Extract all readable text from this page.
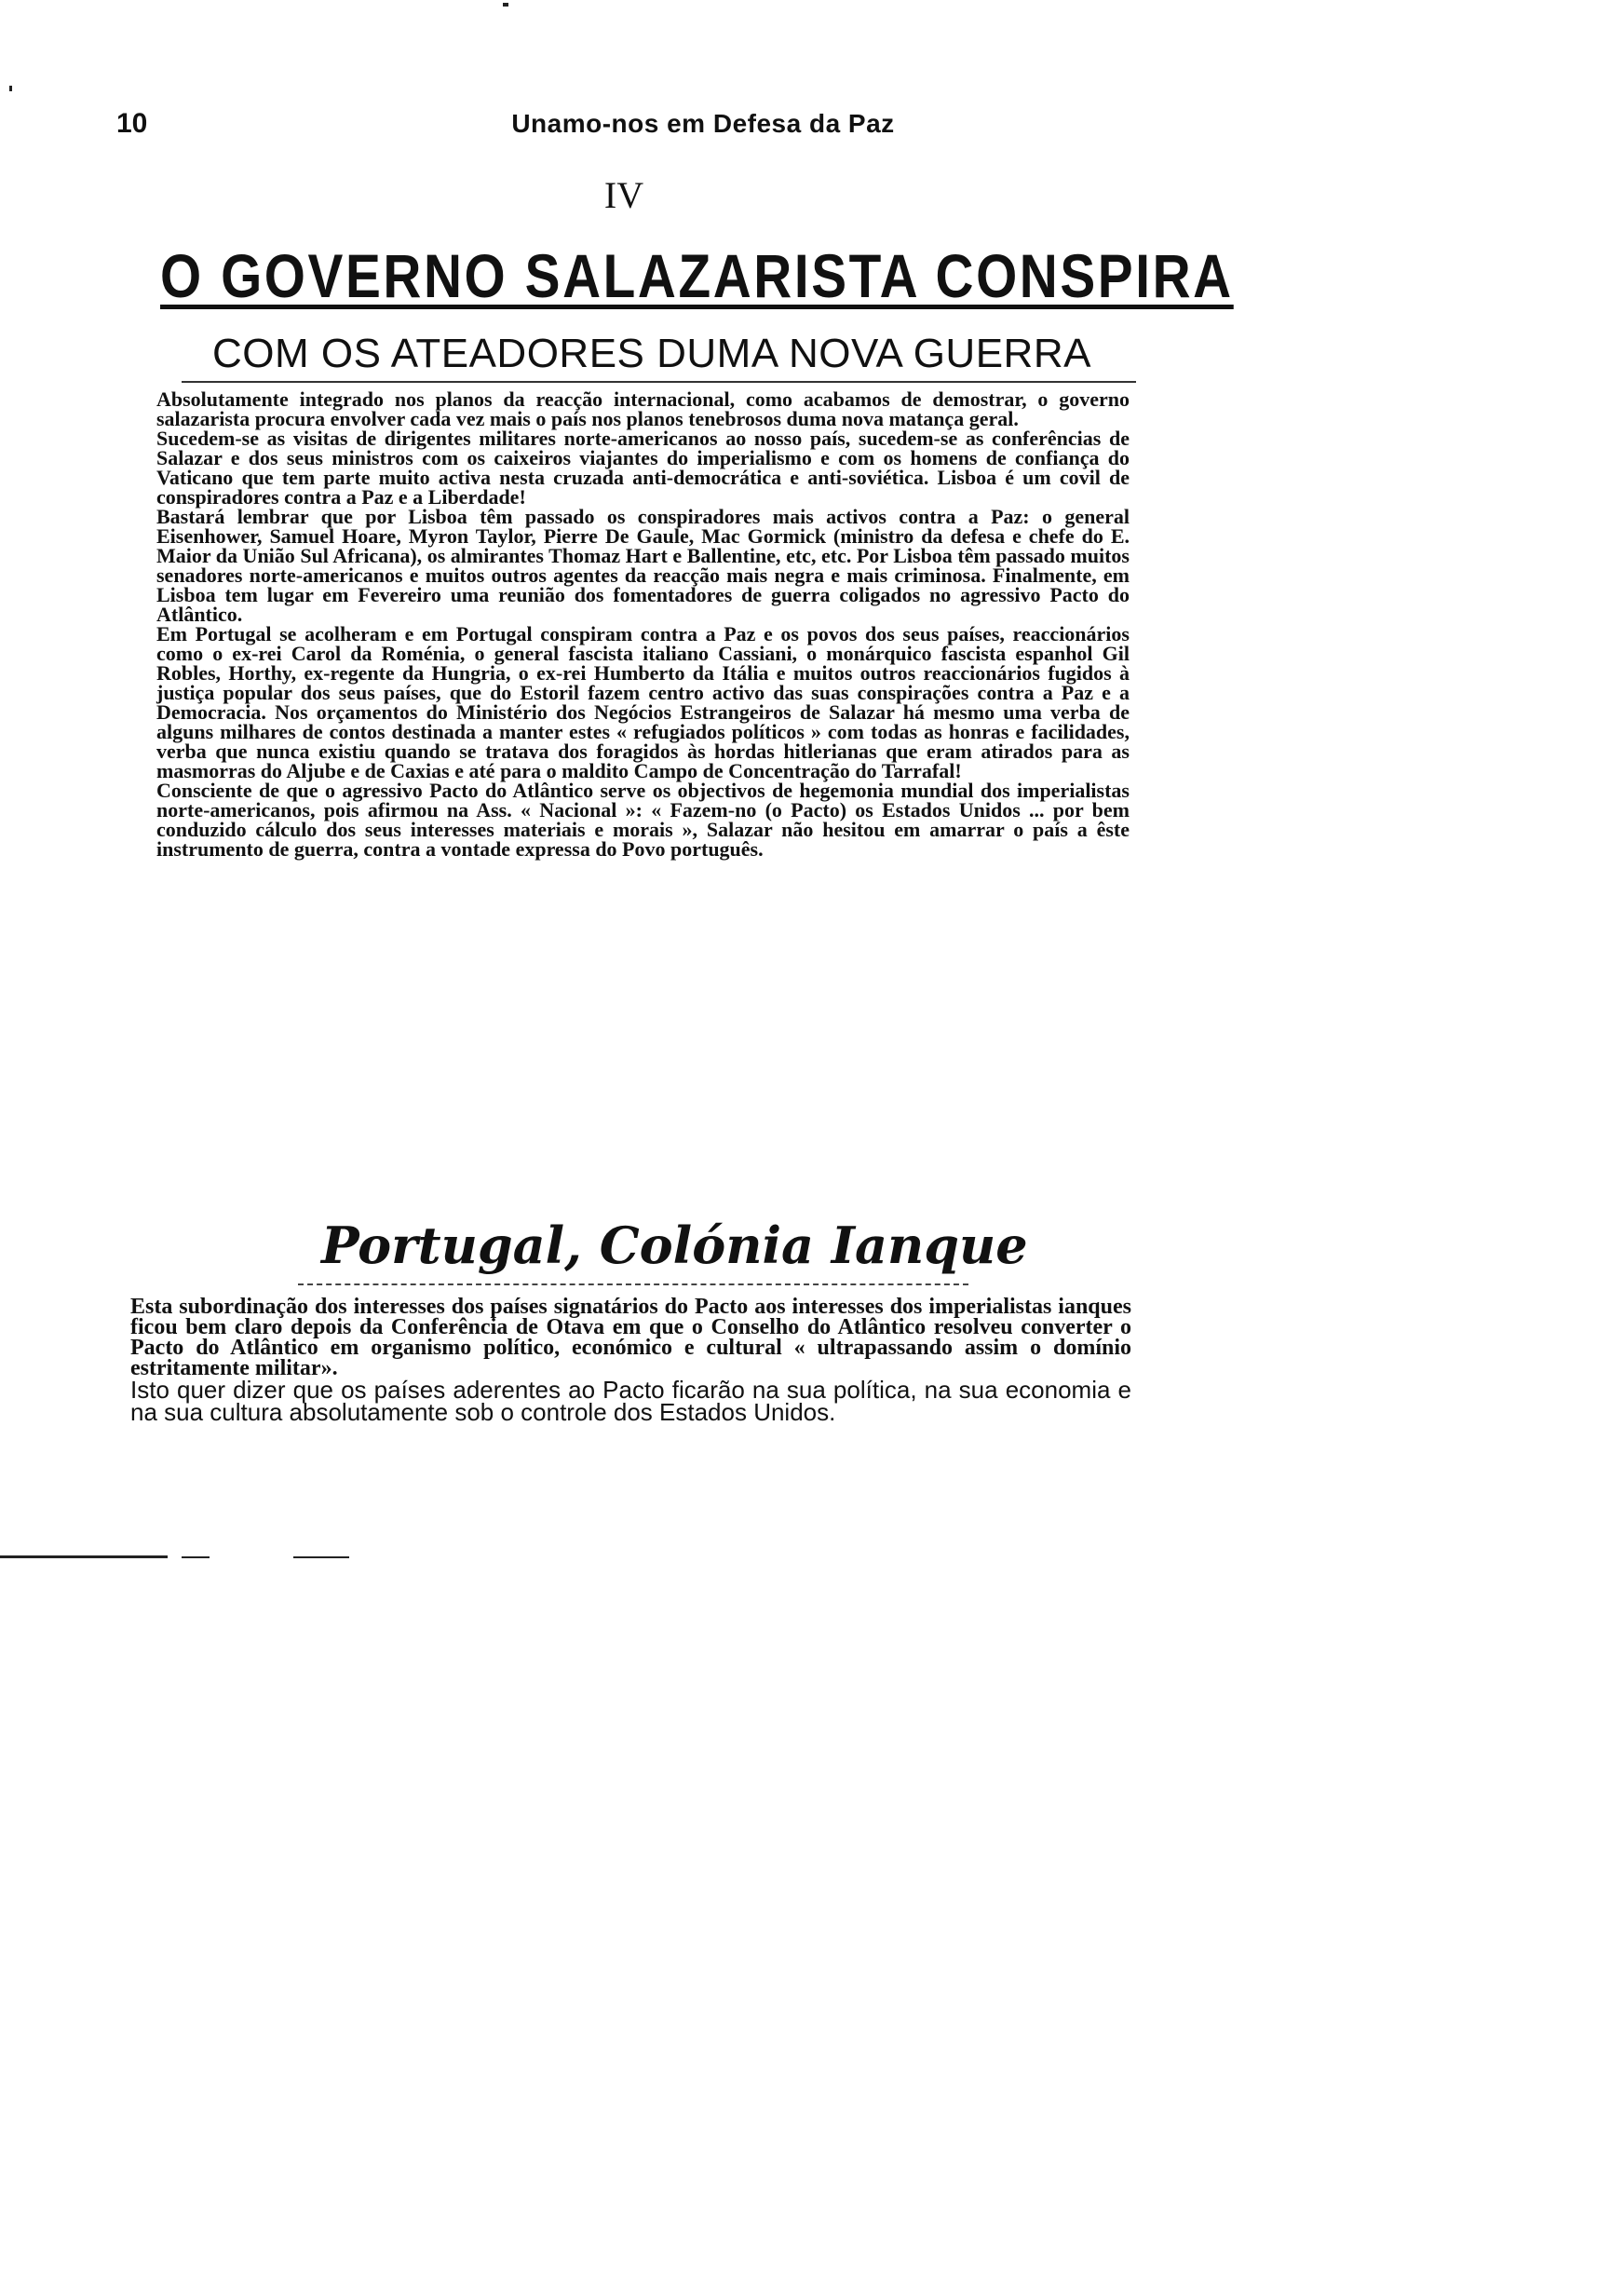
10	Unamo-nos em Defesa da Paz
IV
O GOVERNO SALAZARISTA CONSPIRA
COM OS ATEADORES DUMA NOVA GUERRA

Absolutamente integrado nos planos da reacção internacional, como acabamos de demostrar, o governo salazarista procura envolver cada vez mais o país nos planos tenebrosos duma nova matança geral.

Sucedem-se as visitas de dirigentes militares norte-americanos ao nosso país, sucedem-se as conferências de Salazar e dos seus ministros com os caixeiros viajantes do imperialismo e com os homens de confiança do Vaticano que tem parte muito activa nesta cruzada anti-democrática e anti-soviética. Lisboa é um covil de conspiradores contra a Paz e a Liberdade!

Bastará lembrar que por Lisboa têm passado os conspiradores mais activos contra a Paz: o general Eisenhower, Samuel Hoare, Myron Taylor, Pierre De Gaule, Mac Gormick (ministro da defesa e chefe do E. Maior da União Sul Africana), os almirantes Thomaz Hart e Ballentine, etc, etc. Por Lisboa têm passado muitos senadores norte-americanos e muitos outros agentes da reacção mais negra e mais criminosa. Finalmente, em Lisboa tem lugar em Fevereiro uma reunião dos fomentadores de guerra coligados no agressivo Pacto do Atlântico.

Em Portugal se acolheram e em Portugal conspiram contra a Paz e os povos dos seus países, reaccionários como o ex-rei Carol da Roménia, o general fascista italiano Cassiani, o monárquico fascista espanhol Gil Robles, Horthy, ex-regente da Hungria, o ex-rei Humberto da Itália e muitos outros reaccionários fugidos à justiça popular dos seus países, que do Estoril fazem centro activo das suas conspirações contra a Paz e a Democracia. Nos orçamentos do Ministério dos Negócios Estrangeiros de Salazar há mesmo uma verba de alguns milhares de contos destinada a manter estes « refugiados políticos » com todas as honras e facilidades, verba que nunca existiu quando se tratava dos foragidos às hordas hitlerianas que eram atirados para as masmorras do Aljube e de Caxias e até para o maldito Campo de Concentração do Tarrafal!

Consciente de que o agressivo Pacto do Atlântico serve os objectivos de hegemonia mundial dos imperialistas norte-americanos, pois afirmou na Ass. « Nacional »: « Fazem-no (o Pacto) os Estados Unidos ... por bem conduzido cálculo dos seus interesses materiais e morais », Salazar não hesitou em amarrar o país a êste instrumento de guerra, contra a vontade expressa do Povo português.

Portugal, Colónia Ianque

Esta subordinação dos interesses dos países signatários do Pacto aos interesses dos imperialistas ianques ficou bem claro depois da Conferência de Otava em que o Conselho do Atlântico resolveu converter o Pacto do Atlântico em organismo político, económico e cultural « ultrapassando assim o domínio estritamente militar».

Isto quer dizer que os países aderentes ao Pacto ficarão na sua política, na sua economia e na sua cultura absolutamente sob o controle dos Estados Unidos.
